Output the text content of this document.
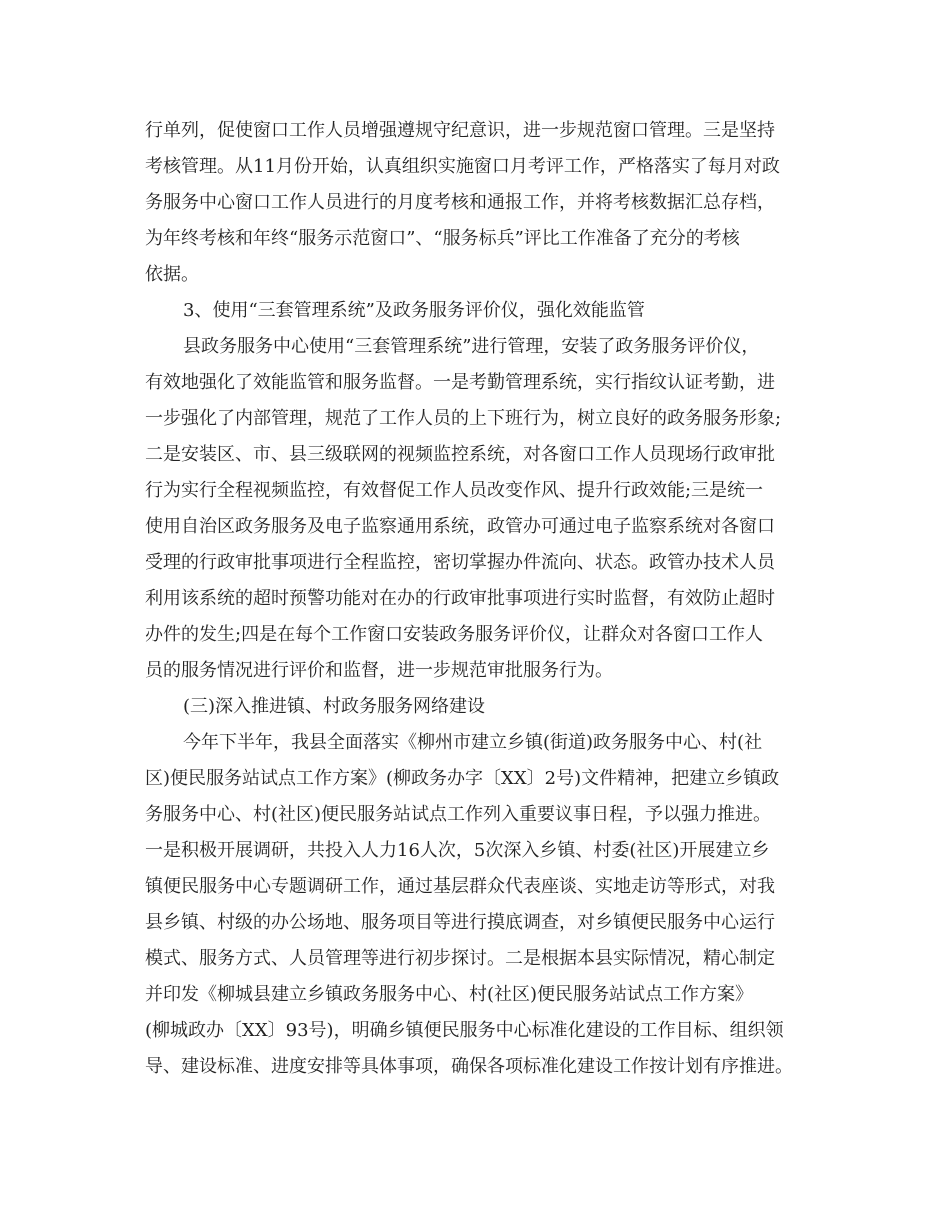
行单列，促使窗口工作人员增强遵规守纪意识，进一步规范窗口管理。三是坚持
考核管理。从11月份开始，认真组织实施窗口月考评工作，严格落实了每月对政
务服务中心窗口工作人员进行的月度考核和通报工作，并将考核数据汇总存档，
为年终考核和年终“服务示范窗口”、“服务标兵”评比工作准备了充分的考核
依据。
3、使用“三套管理系统”及政务服务评价仪，强化效能监管
县政务服务中心使用“三套管理系统”进行管理，安装了政务服务评价仪，
有效地强化了效能监管和服务监督。一是考勤管理系统，实行指纹认证考勤，进
一步强化了内部管理，规范了工作人员的上下班行为，树立良好的政务服务形象;
二是安装区、市、县三级联网的视频监控系统，对各窗口工作人员现场行政审批
行为实行全程视频监控，有效督促工作人员改变作风、提升行政效能;三是统一
使用自治区政务服务及电子监察通用系统，政管办可通过电子监察系统对各窗口
受理的行政审批事项进行全程监控，密切掌握办件流向、状态。政管办技术人员
利用该系统的超时预警功能对在办的行政审批事项进行实时监督，有效防止超时
办件的发生;四是在每个工作窗口安装政务服务评价仪，让群众对各窗口工作人
员的服务情况进行评价和监督，进一步规范审批服务行为。
(三)深入推进镇、村政务服务网络建设
今年下半年，我县全面落实《柳州市建立乡镇(街道)政务服务中心、村(社
区)便民服务站试点工作方案》(柳政务办字〔XX〕2号)文件精神，把建立乡镇政
务服务中心、村(社区)便民服务站试点工作列入重要议事日程，予以强力推进。
一是积极开展调研，共投入人力16人次，5次深入乡镇、村委(社区)开展建立乡
镇便民服务中心专题调研工作，通过基层群众代表座谈、实地走访等形式，对我
县乡镇、村级的办公场地、服务项目等进行摸底调查，对乡镇便民服务中心运行
模式、服务方式、人员管理等进行初步探讨。二是根据本县实际情况，精心制定
并印发《柳城县建立乡镇政务服务中心、村(社区)便民服务站试点工作方案》
(柳城政办〔XX〕93号)，明确乡镇便民服务中心标准化建设的工作目标、组织领
导、建设标准、进度安排等具体事项，确保各项标准化建设工作按计划有序推进。
